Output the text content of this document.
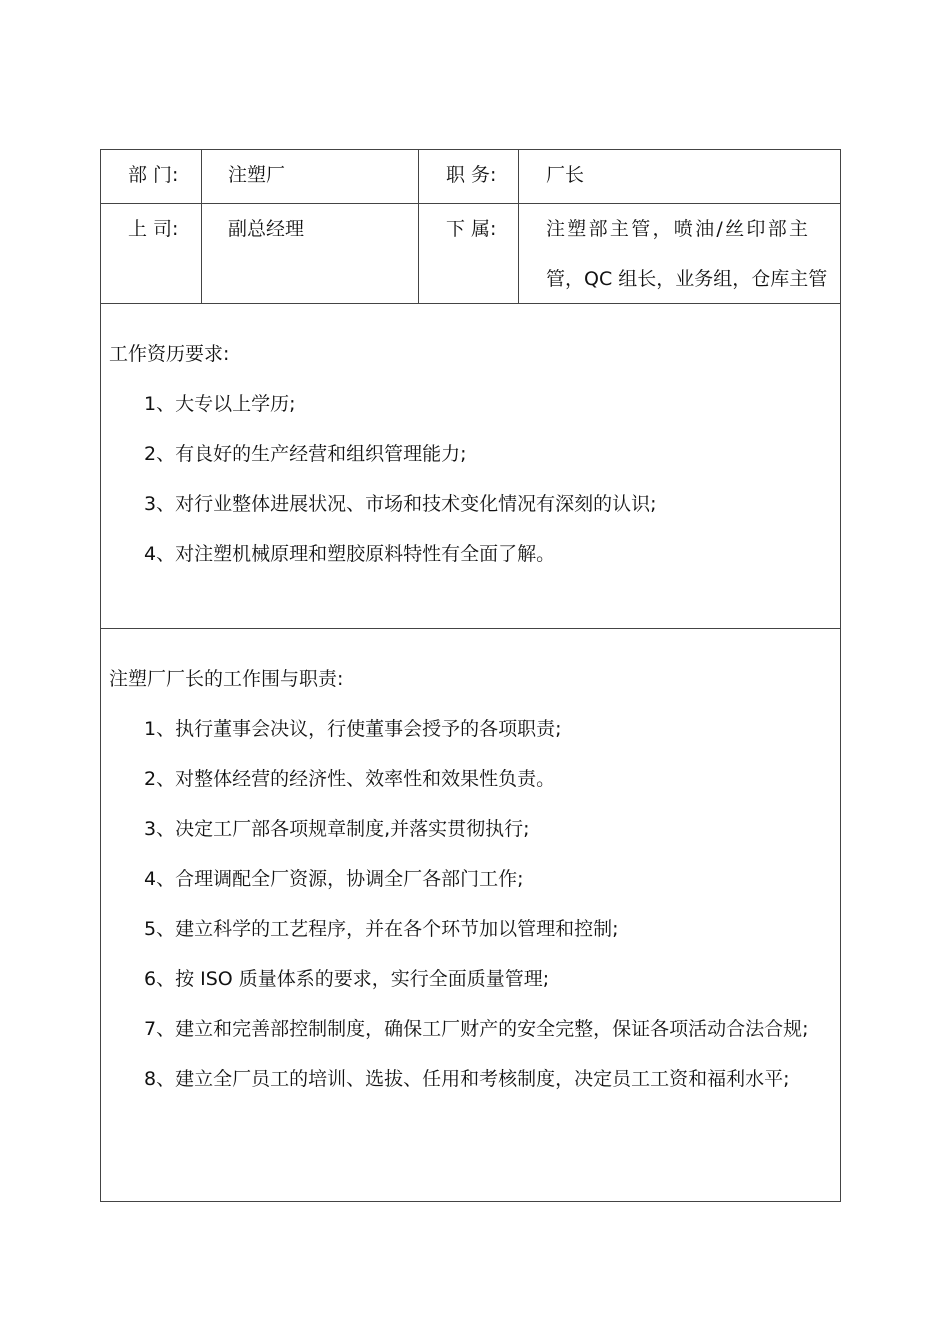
部 门:	注塑厂	职 务:	厂长
上 司:	副总经理	下 属:	注塑部主管，喷油/丝印部主
管，QC 组长，业务组，仓库主管
工作资历要求:
1、大专以上学历;
2、有良好的生产经营和组织管理能力;
3、对行业整体进展状况、市场和技术变化情况有深刻的认识;
4、对注塑机械原理和塑胶原料特性有全面了解。
注塑厂厂长的工作围与职责:
1、执行董事会决议，行使董事会授予的各项职责;
2、对整体经营的经济性、效率性和效果性负责。
3、决定工厂部各项规章制度,并落实贯彻执行;
4、合理调配全厂资源，协调全厂各部门工作;
5、建立科学的工艺程序，并在各个环节加以管理和控制;
6、按 ISO 质量体系的要求，实行全面质量管理;
7、建立和完善部控制制度，确保工厂财产的安全完整，保证各项活动合法合规;
8、建立全厂员工的培训、选拔、任用和考核制度，决定员工工资和福利水平;
